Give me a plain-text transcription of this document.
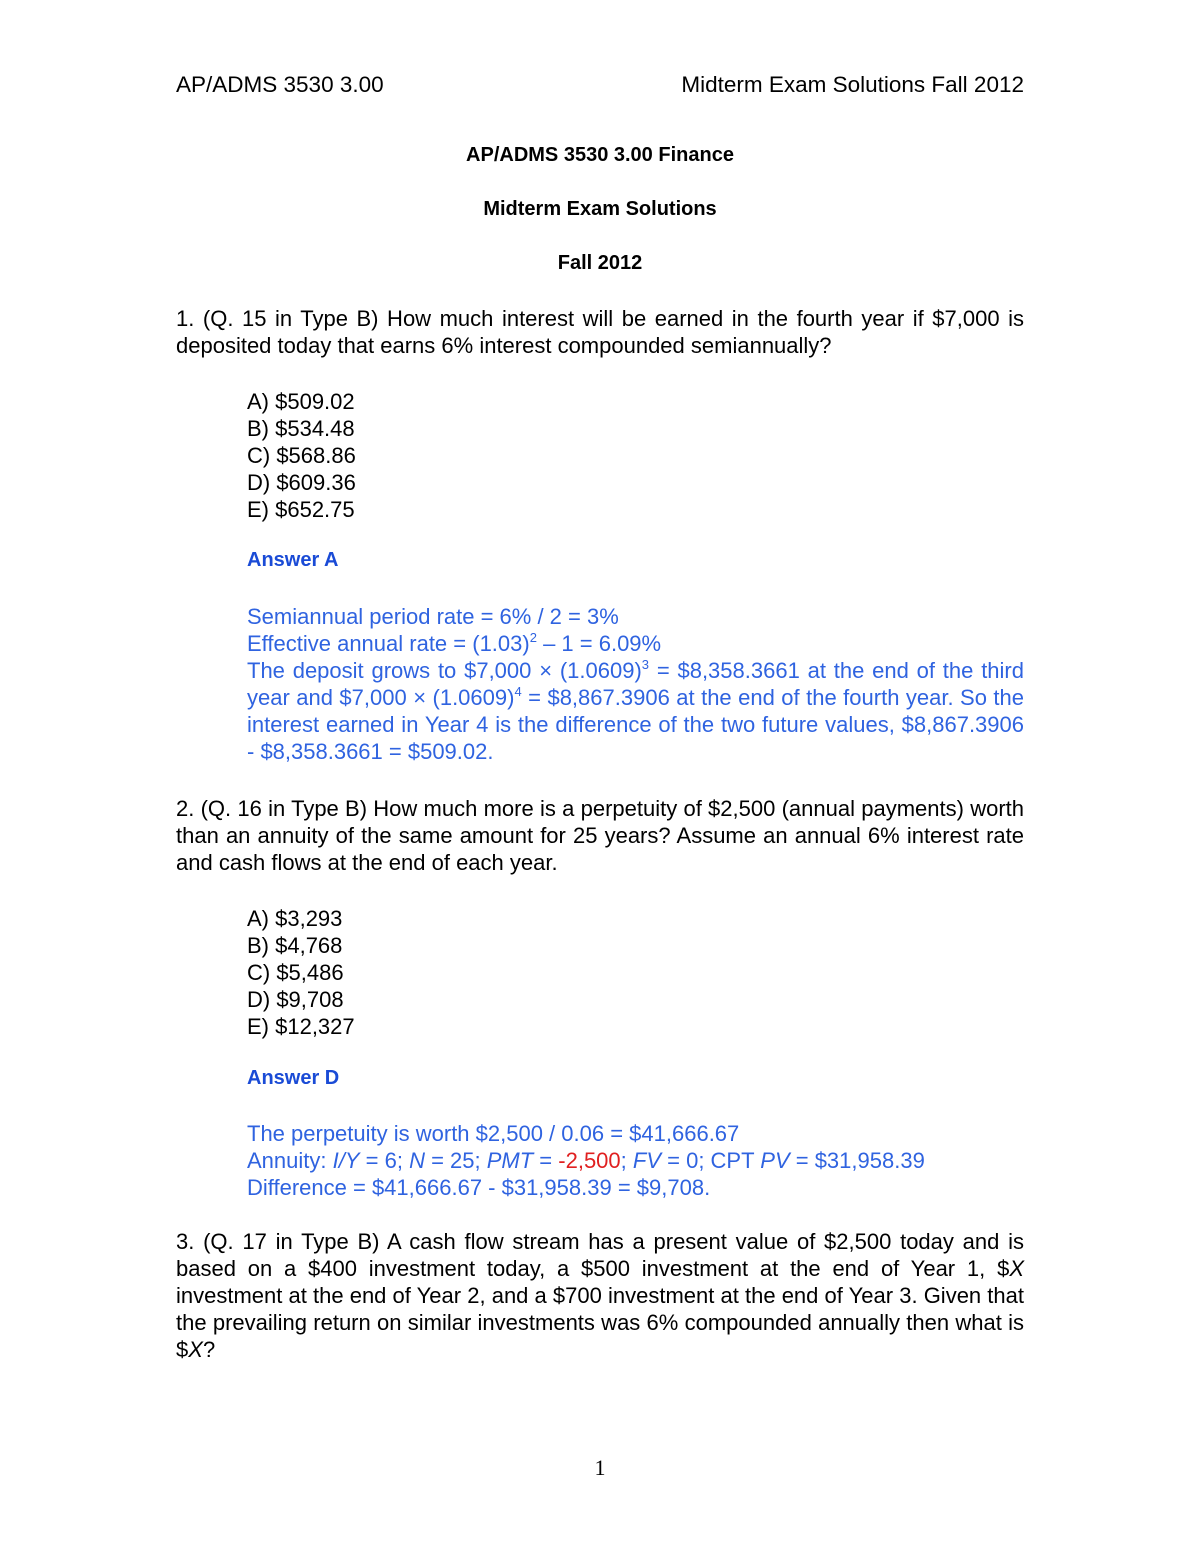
AP/ADMS 3530 3.00	Midterm Exam Solutions Fall 2012
AP/ADMS 3530 3.00 Finance
Midterm Exam Solutions
Fall 2012
1. (Q. 15 in Type B) How much interest will be earned in the fourth year if $7,000 is deposited today that earns 6% interest compounded semiannually?
A) $509.02
B) $534.48
C) $568.86
D) $609.36
E) $652.75
Answer A
Semiannual period rate = 6% / 2 = 3%
Effective annual rate = $(1.03)^2 - 1 = 6.09\%$
The deposit grows to $7,000 × $(1.0609)^3$ = $8,358.3661 at the end of the third year and $7,000 × $(1.0609)^4$ = $8,867.3906 at the end of the fourth year. So the interest earned in Year 4 is the difference of the two future values, $8,867.3906 - $8,358.3661 = $509.02.
2. (Q. 16 in Type B) How much more is a perpetuity of $2,500 (annual payments) worth than an annuity of the same amount for 25 years? Assume an annual 6% interest rate and cash flows at the end of each year.
A) $3,293
B) $4,768
C) $5,486
D) $9,708
E) $12,327
Answer D
The perpetuity is worth $2,500 / 0.06 = $41,666.67
Annuity: I/Y = 6; N = 25; PMT = -2,500; FV = 0; CPT PV = $31,958.39
Difference = $41,666.67 - $31,958.39 = $9,708.
3. (Q. 17 in Type B) A cash flow stream has a present value of $2,500 today and is based on a $400 investment today, a $500 investment at the end of Year 1, $X investment at the end of Year 2, and a $700 investment at the end of Year 3. Given that the prevailing return on similar investments was 6% compounded annually then what is $X?
1
